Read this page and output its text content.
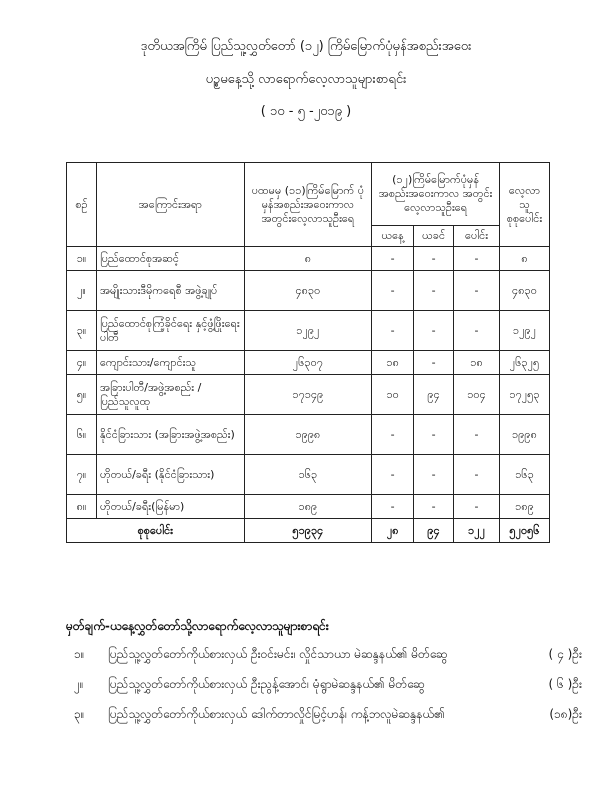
ဒုတိယအကြိမ် ပြည်သူ့လွှတ်တော် (၁၂) ကြိမ်မြောက်ပုံမှန်အစည်းအဝေး
ပဉ္စမနေ့သို့ လာရောက်လေ့လာသူများစာရင်း
( ၁၀ - ၅ -၂၀၁၉ )
စဉ်	အကြောင်းအရာ	ပထမမှ (၁၁)ကြိမ်မြောက် ပုံမှန်အစည်းအဝေးကာလ အတွင်းလေ့လာသူဦးရေ	(၁၂)ကြိမ်မြောက်ပုံမှန် အစည်းအဝေးကာလ အတွင်းလေ့လာသူဦးရေ			လေ့လာ သူ စုစုပေါင်း
			ယနေ့	ယခင်	ပေါင်း	
၁။	ပြည်ထောင်စုအဆင့်	၈	-	-	-	၈
၂။	အမျိုးသားဒီမိုကရေစီ အဖွဲ့ချုပ်	၄၈၃၀	-	-	-	၄၈၃၀
၃။	ပြည်ထောင်စုကြံ့ခိုင်ရေး နှင့်ဖွံ့ဖြိုးရေးပါတီ	၁၂၉၂	-	-	-	၁၂၉၂
၄။	ကျောင်းသား/ကျောင်းသူ	၂၆၃၀၇	၁၈	-	၁၈	၂၆၃၂၅
၅။	အခြားပါတီ/အဖွဲ့အစည်း / ပြည်သူလူထု	၁၇၁၄၉	၁၀	၉၄	၁၀၄	၁၇၂၅၃
၆။	နိုင်ငံခြားသား (အခြားအဖွဲ့အစည်း)	၁၉၉၈	-	-	-	၁၉၉၈
၇။	ဟိုတယ်/ခရီး (နိုင်ငံခြားသား)	၁၆၃	-	-	-	၁၆၃
၈။	ဟိုတယ်/ခရီး(မြန်မာ)	၁၈၉	-	-	-	၁၈၉
စုစုပေါင်း		၅၁၉၃၄	၂၈	၉၄	၁၂၂	၅၂၀၅၆
မှတ်ချက်-ယနေ့လွှတ်တော်သို့လာရောက်လေ့လာသူများစာရင်း
၁။ ပြည်သူ့လွှတ်တော်ကိုယ်စားလှယ် ဦးဝင်းမင်း၊ လှိုင်သာယာ မဲဆန္ဒနယ်၏ မိတ်ဆွေ	( ၄ )ဦး
၂။ ပြည်သူ့လွှတ်တော်ကိုယ်စားလှယ် ဦးညွန့်အောင်၊ မုံရွာမဲဆန္ဒနယ်၏ မိတ်ဆွေ	( ၆ )ဦး
၃။ ပြည်သူ့လွှတ်တော်ကိုယ်စားလှယ် ဒေါက်တာလှိုင်မြင့်ဟန်၊ ကန့်ဘလူမဲဆန္ဒနယ်၏	(၁၈)ဦး
